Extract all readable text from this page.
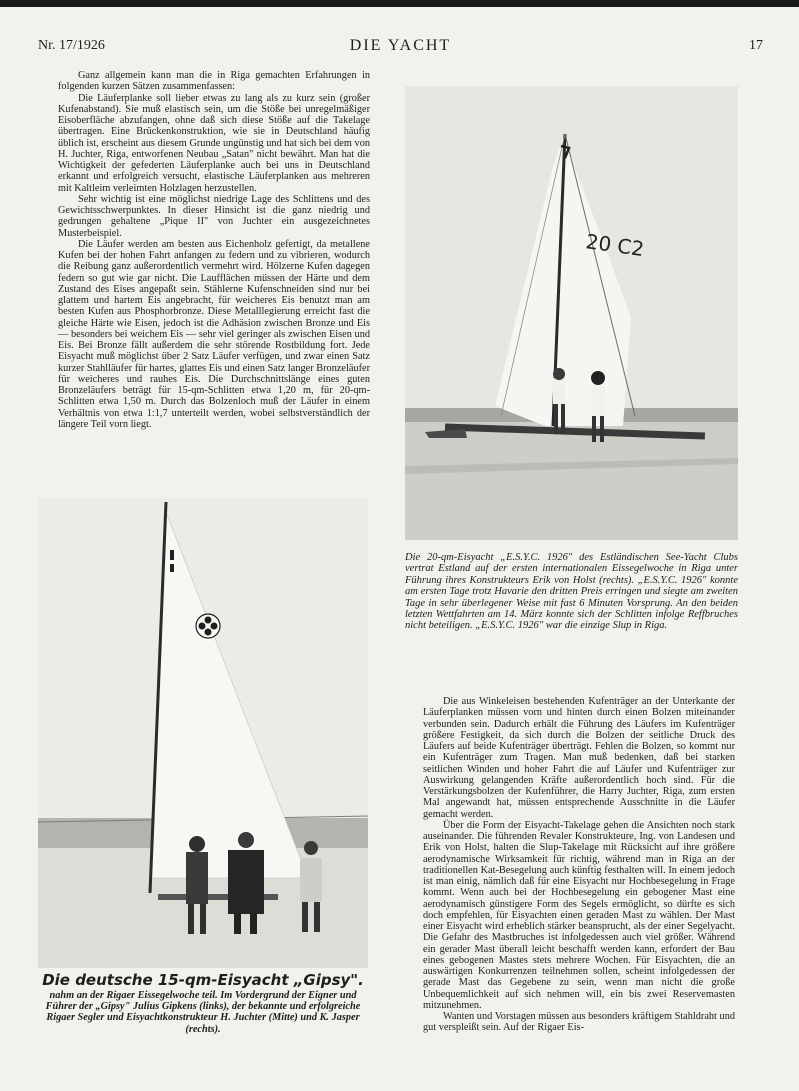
Nr. 17/1926	DIE YACHT	17

Ganz allgemein kann man die in Riga gemachten Erfahrungen in folgenden kurzen Sätzen zusammenfassen:

Die Läuferplanke soll lieber etwas zu lang als zu kurz sein (großer Kufenabstand). Sie muß elastisch sein, um die Stöße bei unregelmäßiger Eisoberfläche abzufangen, ohne daß sich diese Stöße auf die Takelage übertragen. Eine Brückenkonstruktion, wie sie in Deutschland häufig üblich ist, erscheint aus diesem Grunde ungünstig und hat sich bei dem von H. Juchter, Riga, entworfenen Neubau „Satan" nicht bewährt. Man hat die Wichtigkeit der gefederten Läuferplanke auch bei uns in Deutschland erkannt und erfolgreich versucht, elastische Läuferplanken aus mehreren mit Kaltleim verleimten Holzlagen herzustellen.

Sehr wichtig ist eine möglichst niedrige Lage des Schlittens und des Gewichtsschwerpunktes. In dieser Hinsicht ist die ganz niedrig und gedrungen gehaltene „Pique II" von Juchter ein ausgezeichnetes Musterbeispiel.

Die Läufer werden am besten aus Eichenholz gefertigt, da metallene Kufen bei der hohen Fahrt anfangen zu federn und zu vibrieren, wodurch die Reibung ganz außerordentlich vermehrt wird. Hölzerne Kufen dagegen federn so gut wie gar nicht. Die Laufflächen müssen der Härte und dem Zustand des Eises angepaßt sein. Stählerne Kufenschneiden sind nur bei glattem und hartem Eis angebracht, für weicheres Eis benutzt man am besten Kufen aus Phosphorbronze. Diese Metalllegierung erreicht fast die gleiche Härte wie Eisen, jedoch ist die Adhäsion zwischen Bronze und Eis — besonders bei weichem Eis — sehr viel geringer als zwischen Eisen und Eis. Bei Bronze fällt außerdem die sehr störende Rostbildung fort. Jede Eisyacht muß möglichst über 2 Satz Läufer verfügen, und zwar einen Satz kurzer Stahlläufer für hartes, glattes Eis und einen Satz langer Bronzeläufer für weicheres und rauhes Eis. Die Durchschnittslänge eines guten Bronzeläufers beträgt für 15-qm-Schlitten etwa 1,20 m, für 20-qm-Schlitten etwa 1,50 m. Durch das Bolzenloch muß der Läufer in einem Verhältnis von etwa 1:1,7 unterteilt werden, wobei selbstverständlich der längere Teil vorn liegt.

20 C2
Die 20-qm-Eisyacht „E.S.Y.C. 1926" des Estländischen See-Yacht Clubs vertrat Estland auf der ersten internationalen Eissegelwoche in Riga unter Führung ihres Konstrukteurs Erik von Holst (rechts). „E.S.Y.C. 1926" konnte am ersten Tage trotz Havarie den dritten Preis erringen und siegte am zweiten Tage in sehr überlegener Weise mit fast 6 Minuten Vorsprung. An den beiden letzten Wettfahrten am 14. März konnte sich der Schlitten infolge Reffbruches nicht beteiligen. „E.S.Y.C. 1926" war die einzige Slup in Riga.

Die aus Winkeleisen bestehenden Kufenträger an der Unterkante der Läuferplanken müssen vorn und hinten durch einen Bolzen miteinander verbunden sein. Dadurch erhält die Führung des Läufers im Kufenträger größere Festigkeit, da sich durch die Bolzen der seitliche Druck des Läufers auf beide Kufenträger überträgt. Fehlen die Bolzen, so kommt nur ein Kufenträger zum Tragen. Man muß bedenken, daß bei starken seitlichen Winden und hoher Fahrt die auf Läufer und Kufenträger zur Auswirkung gelangenden Kräfte außerordentlich hoch sind. Für die Verstärkungsbolzen der Kufenführer, die Harry Juchter, Riga, zum ersten Mal angewandt hat, müssen entsprechende Ausschnitte in die Läufer gemacht werden.

Über die Form der Eisyacht-Takelage gehen die Ansichten noch stark auseinander. Die führenden Revaler Konstrukteure, Ing. von Landesen und Erik von Holst, halten die Slup-Takelage mit Rücksicht auf ihre größere aerodynamische Wirksamkeit für richtig, während man in Riga an der traditionellen Kat-Besegelung auch künftig festhalten will. In einem jedoch ist man einig, nämlich daß für eine Eisyacht nur Hochbesegelung in Frage kommt. Wenn auch bei der Hochbesegelung ein gebogener Mast eine aerodynamisch günstigere Form des Segels ermöglicht, so dürfte es sich doch empfehlen, für Eisyachten einen geraden Mast zu wählen. Der Mast einer Eisyacht wird erheblich stärker beansprucht, als der einer Segelyacht. Die Gefahr des Mastbruches ist infolgedessen auch viel größer. Während ein gerader Mast überall leicht beschafft werden kann, erfordert der Bau eines gebogenen Mastes stets mehrere Wochen. Für Eisyachten, die an auswärtigen Konkurrenzen teilnehmen sollen, scheint infolgedessen der gerade Mast das Gegebene zu sein, wenn man nicht die große Unbequemlichkeit auf sich nehmen will, ein bis zwei Reservemasten mitzunehmen.

Wanten und Vorstagen müssen aus besonders kräftigem Stahldraht und gut verspleißt sein. Auf der Rigaer Eis-

Die deutsche 15-qm-Eisyacht „Gipsy".
nahm an der Rigaer Eissegelwoche teil. Im Vordergrund der Eigner und Führer der „Gipsy" Julius Gipkens (links), der bekannte und erfolgreiche Rigaer Segler und Eisyachtkonstrukteur H. Juchter (Mitte) und K. Jasper (rechts).
